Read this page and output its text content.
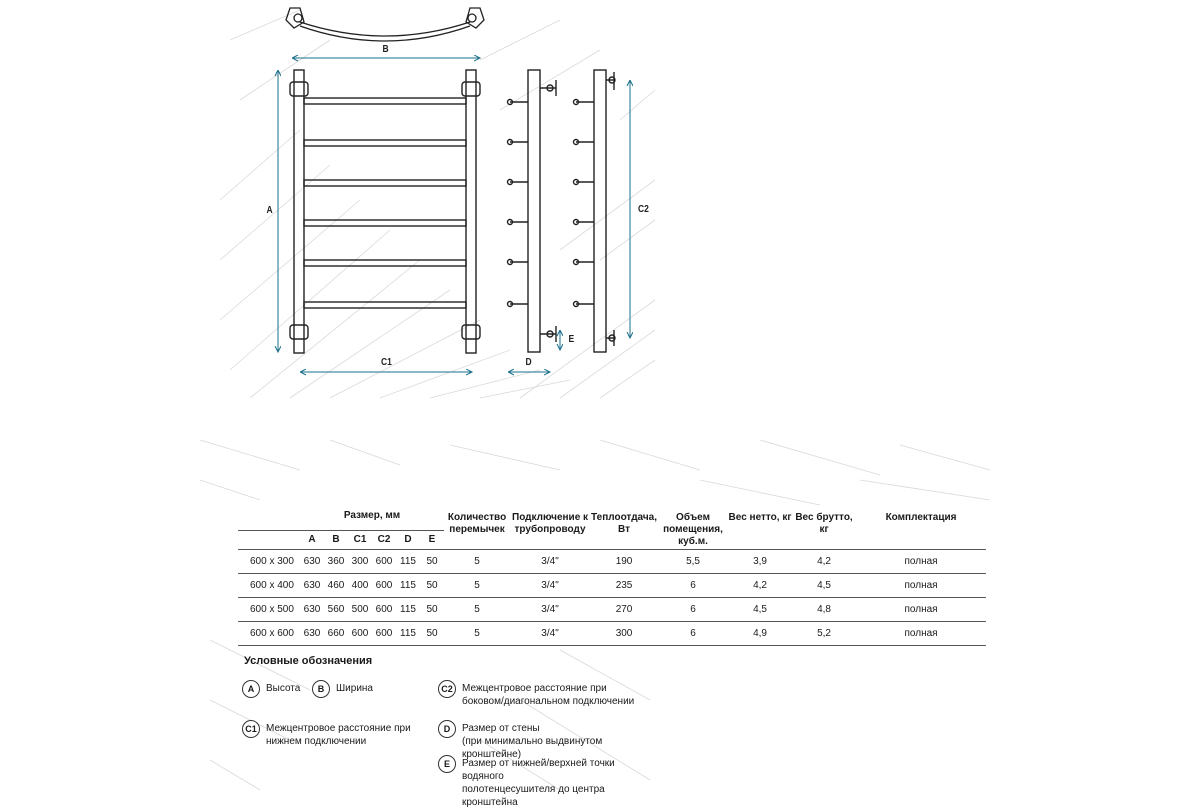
B
A
C1	D
E
C2
	Размер, мм						Количество перемычек	Подключение к трубопроводу	Теплоотдача, Вт	Объем помещения, куб.м.	Вес нетто, кг	Вес брутто, кг	Комплектация
	A	B	C1	C2	D	E							
600 x 300	630	360	300	600	115	50	5	3/4"	190	5,5	3,9	4,2	полная
600 x 400	630	460	400	600	115	50	5	3/4"	235	6	4,2	4,5	полная
600 x 500	630	560	500	600	115	50	5	3/4"	270	6	4,5	4,8	полная
600 x 600	630	660	600	600	115	50	5	3/4"	300	6	4,9	5,2	полная
Условные обозначения
A	Высота	B	Ширина	C2 Межцентровое расстояние при
боковом/диагональном подключении
C1 Межцентровое расстояние при
нижнем подключении
D	Размер от стены
(при минимально выдвинутом кронштейне)
E	Размер от нижней/верхней точки водяного
полотенцесушителя до центра кронштейна
